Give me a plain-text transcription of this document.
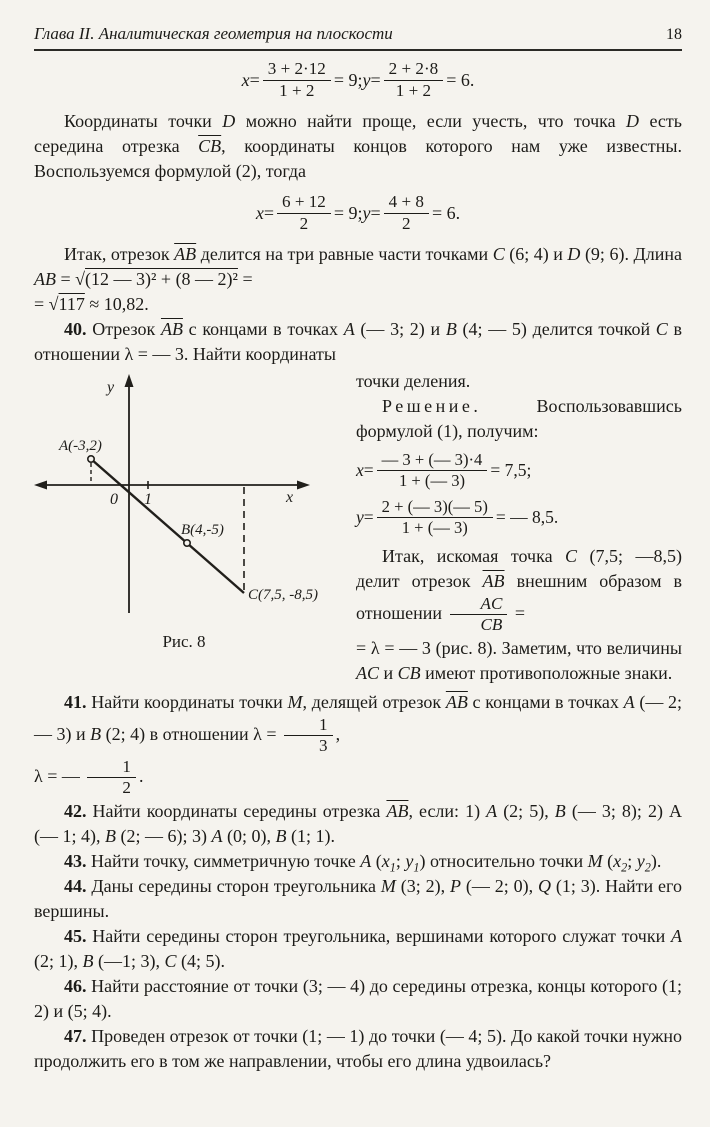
Глава II. Аналитическая геометрия на плоскости	18
$x = \frac{3 + 2\cdot 12}{1 + 2} = 9$; $y = \frac{2 + 2\cdot 8}{1 + 2} = 6$.

Координаты точки D можно найти проще, если учесть, что точка D есть середина отрезка $\overline{CB}$, координаты концов которого нам уже известны. Воспользуемся формулой (2), тогда

$x = \frac{6 + 12}{2} = 9$; $y = \frac{4 + 8}{2} = 6$.

Итак, отрезок $\overline{AB}$ делится на три равные части точками C (6; 4) и D (9; 6). Длина AB = √(12 — 3)² + (8 — 2)² =
= √117 ≈ 10,82.

40. Отрезок $\overline{AB}$ с концами в точках A (— 3; 2) и B (4; — 5) делится точкой C в отношении λ = — 3. Найти координаты

y
x
0 1
A(-3,2)
B(4,-5)
C(7,5, -8,5)
Рис. 8

точки деления.

Решение. Воспользовавшись формулой (1), получим:

$x = \frac{— 3 + (— 3)\cdot 4}{1 + (— 3)} = 7,5$;
$y = \frac{2 + (— 3)(— 5)}{1 + (— 3)}$ = — 8,5.

Итак, искомая точка C (7,5; —8,5) делит отрезок $\overline{AB}$ внешним образом в отношении $\frac{AC}{CB}$ =
= λ = — 3 (рис. 8). Заметим, что величины AC и CB имеют противоположные знаки.

41. Найти координаты точки M, делящей отрезок $\overline{AB}$ с концами в точках A (— 2; — 3) и B (2; 4) в отношении $\lambda = \frac{1}{3}$ ,
λ = — $\frac{1}{2}$ .

42. Найти координаты середины отрезка $\overline{AB}$, если: 1) A (2; 5), B (— 3; 8); 2) А (— 1; 4), B (2; — 6); 3) A (0; 0), B (1; 1).

43. Найти точку, симметричную точке A ($x_1$; $y_1$) относительно точки M ($x_2$; $y_2$).

44. Даны середины сторон треугольника M (3; 2), P (— 2; 0), Q (1; 3). Найти его вершины.

45. Найти середины сторон треугольника, вершинами которого служат точки A (2; 1), B (—1; 3), C (4; 5).

46. Найти расстояние от точки (3; — 4) до середины отрезка, концы которого (1; 2) и (5; 4).

47. Проведен отрезок от точки (1; — 1) до точки (— 4; 5). До какой точки нужно продолжить его в том же направлении, чтобы его длина удвоилась?
